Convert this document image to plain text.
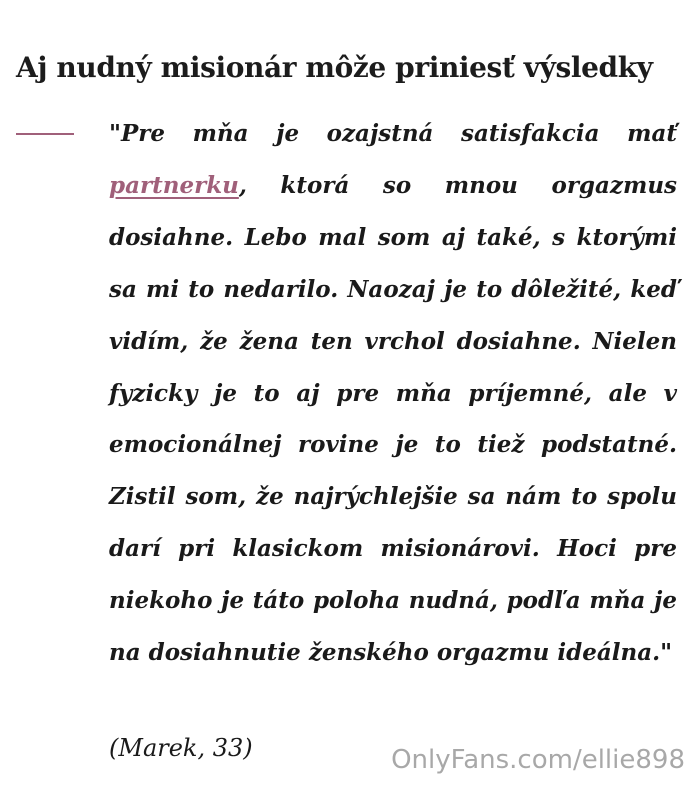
Aj nudný misionár môže priniesť výsledky

"Pre mňa je ozajstná satisfakcia mať partnerku, ktorá so mnou orgazmus dosiahne. Lebo mal som aj také, s ktorými sa mi to nedarilo. Naozaj je to dôležité, keď vidím, že žena ten vrchol dosiahne. Nielen fyzicky je to aj pre mňa príjemné, ale v emocionálnej rovine je to tiež podstatné. Zistil som, že najrýchlejšie sa nám to spolu darí pri klasickom misionárovi. Hoci pre niekoho je táto poloha nudná, podľa mňa je na dosiahnutie ženského orgazmu ideálna."

(Marek, 33)	OnlyFans.com/ellie898
